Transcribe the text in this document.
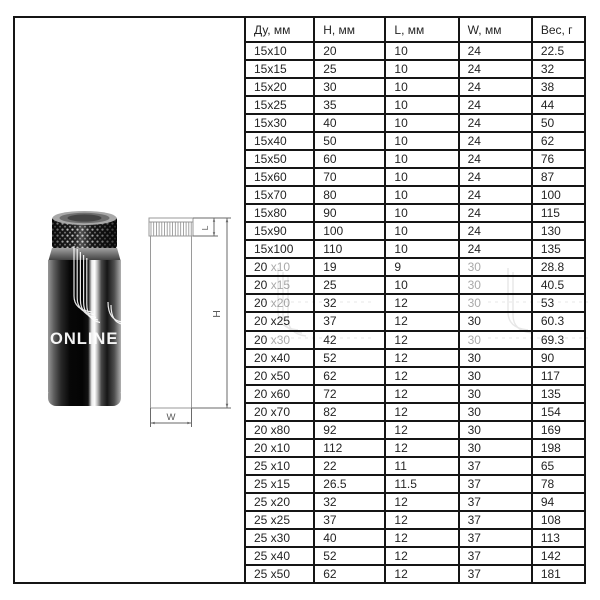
ONLINE
L
Н
W
Ду, мм	Н, мм	L, мм	W, мм	Вес, г
15x10	20	10	24	22.5
15x15	25	10	24	32
15x20	30	10	24	38
15x25	35	10	24	44
15x30	40	10	24	50
15x40	50	10	24	62
15x50	60	10	24	76
15x60	70	10	24	87
15x70	80	10	24	100
15x80	90	10	24	115
15x90	100	10	24	130
15x100	110	10	24	135
20 x10	19	9	30	28.8
20 x15	25	10	30	40.5
20 x20	32	12	30	53
20 x25	37	12	30	60.3
20 x30	42	12	30	69.3
20 x40	52	12	30	90
20 x50	62	12	30	117
20 x60	72	12	30	135
20 x70	82	12	30	154
20 x80	92	12	30	169
20 x10	112	12	30	198
25 x10	22	11	37	65
25 x15	26.5	11.5	37	78
25 x20	32	12	37	94
25 x25	37	12	37	108
25 x30	40	12	37	113
25 x40	52	12	37	142
25 x50	62	12	37	181
